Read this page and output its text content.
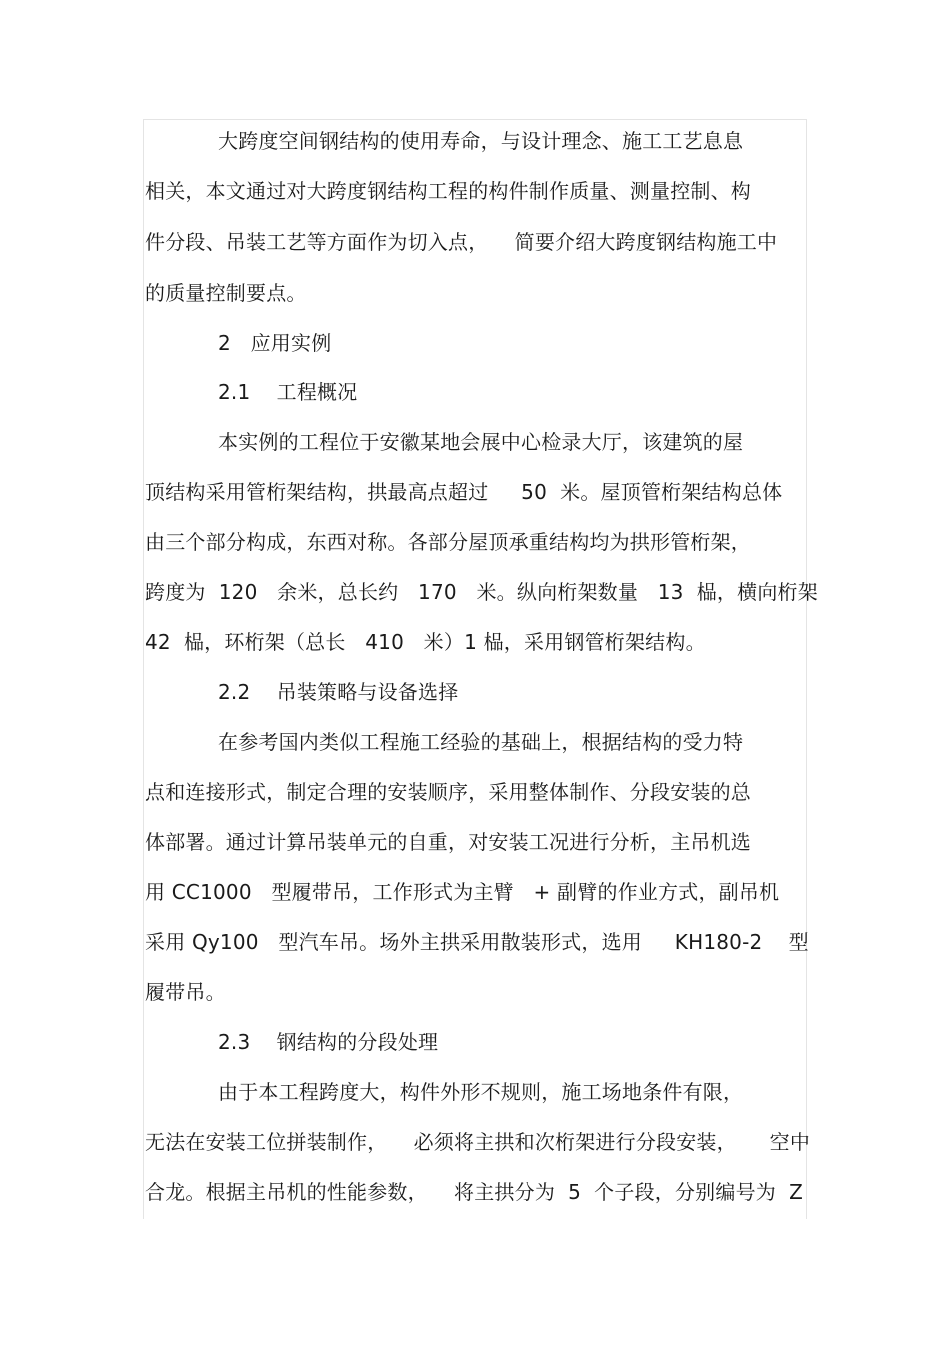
大跨度空间钢结构的使用寿命，与设计理念、施工工艺息息
相关，本文通过对大跨度钢结构工程的构件制作质量、测量控制、构
件分段、吊装工艺等方面作为切入点，    简要介绍大跨度钢结构施工中
的质量控制要点。
2   应用实例
2.1    工程概况
本实例的工程位于安徽某地会展中心检录大厅，该建筑的屋
顶结构采用管桁架结构，拱最高点超过     50  米。屋顶管桁架结构总体
由三个部分构成，东西对称。各部分屋顶承重结构均为拱形管桁架，
跨度为  120   余米，总长约   170   米。纵向桁架数量   13  榀，横向桁架
42  榀，环桁架（总长   410   米）1 榀，采用钢管桁架结构。
2.2    吊装策略与设备选择
在参考国内类似工程施工经验的基础上，根据结构的受力特
点和连接形式，制定合理的安装顺序，采用整体制作、分段安装的总
体部署。通过计算吊装单元的自重，对安装工况进行分析，主吊机选
用 CC1000   型履带吊，工作形式为主臂   + 副臂的作业方式，副吊机
采用 Qy100   型汽车吊。场外主拱采用散装形式，选用     KH180-2    型
履带吊。
2.3    钢结构的分段处理
由于本工程跨度大，构件外形不规则，施工场地条件有限，
无法在安装工位拼装制作，    必须将主拱和次桁架进行分段安装，     空中
合龙。根据主吊机的性能参数，    将主拱分为  5  个子段，分别编号为  Z
